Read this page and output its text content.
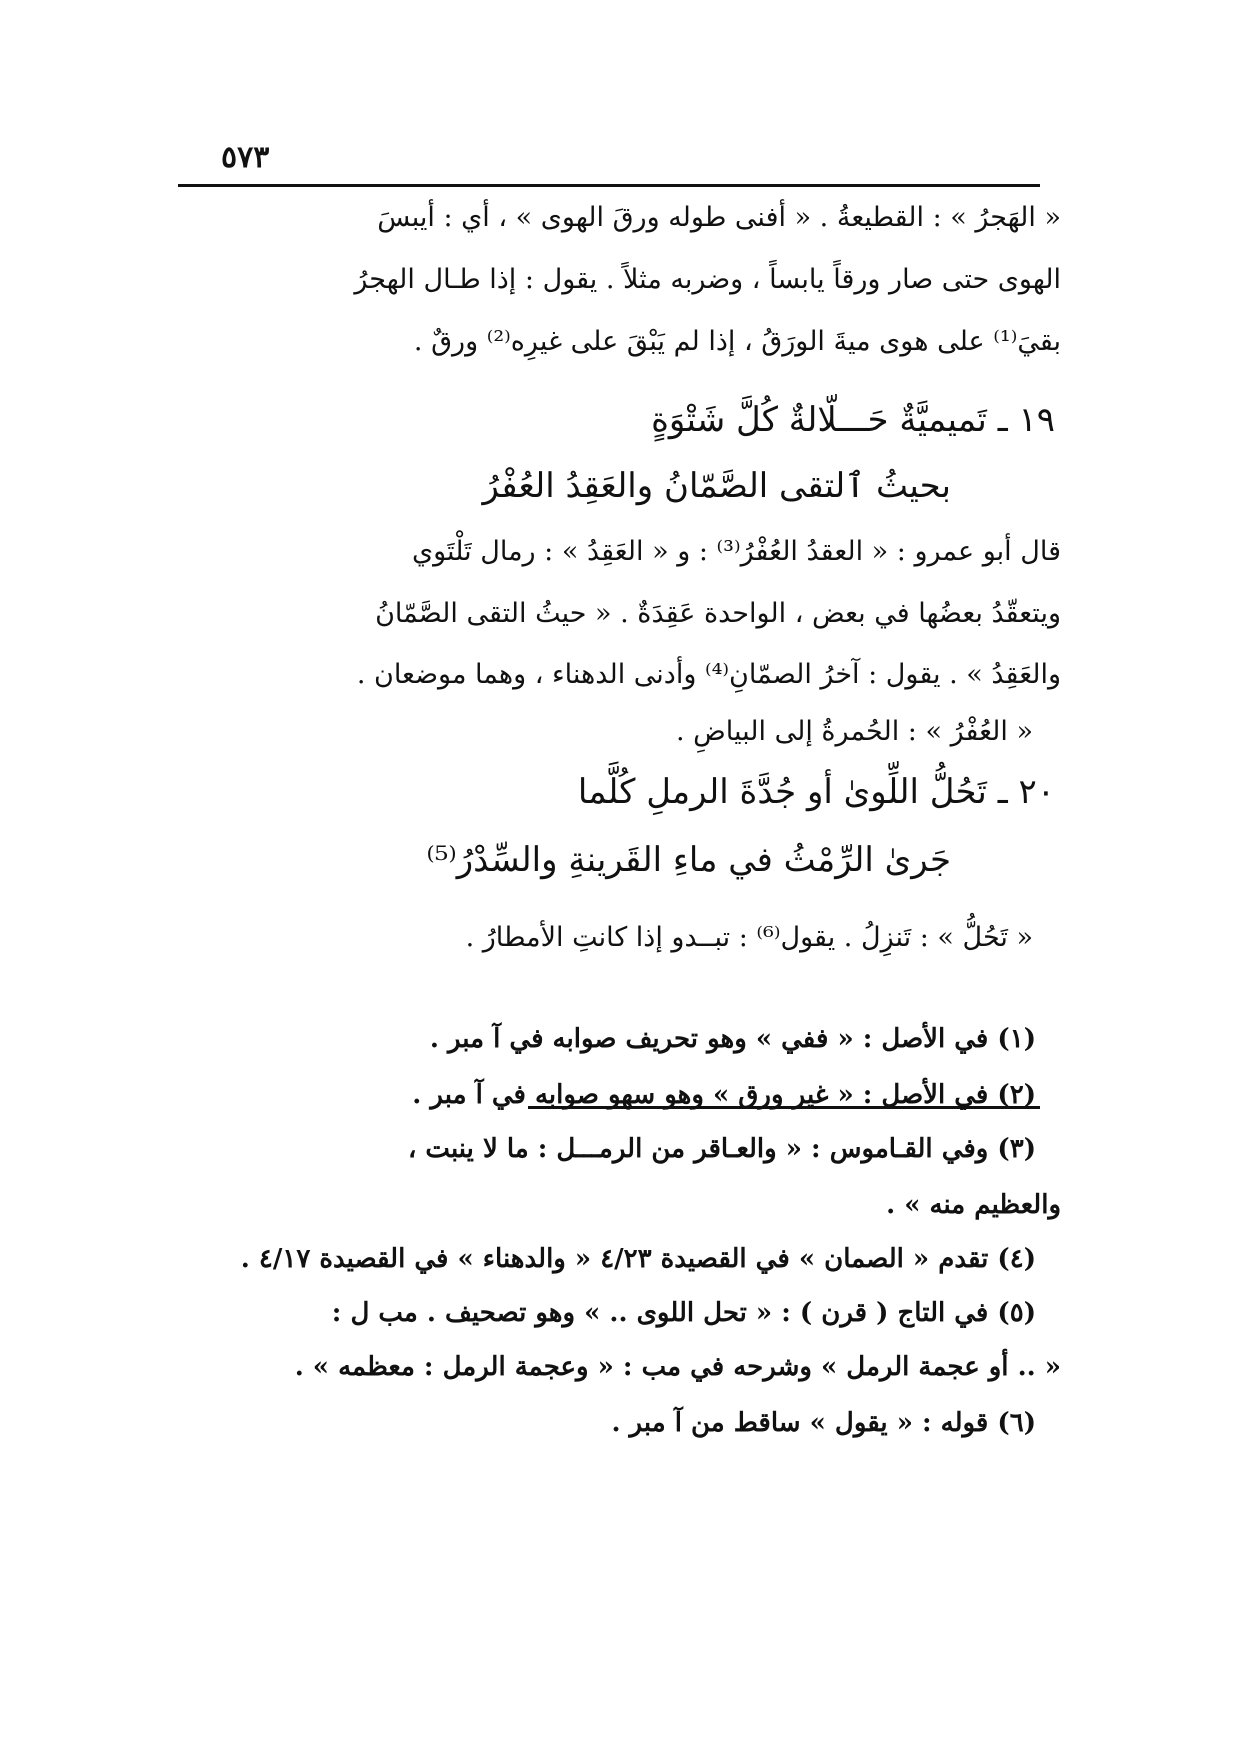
٥٧٣
« الهَجرُ » : القطيعةُ . « أفنى طوله ورقَ الهوى » ، أي : أيبسَ
الهوى حتى صار ورقاً يابساً ، وضربه مثلاً . يقول : إذا طـال الهجرُ
بقيَ⁽¹⁾ على هوى ميةَ الورَقُ ، إذا لم يَبْقَ على غيرِه⁽²⁾ ورقٌ .
١٩ ـ تَميميَّةٌ حَـــلّالةٌ كُلَّ شَتْوَةٍ
بحيثُ ٱلتقى الصَّمّانُ والعَقِدُ العُفْرُ
قال أبو عمرو : « العقدُ العُفْرُ⁽³⁾ : و « العَقِدُ » : رمال تَلْتَوي
ويتعقّدُ بعضُها في بعض ، الواحدة عَقِدَةٌ . « حيثُ التقى الصَّمّانُ
والعَقِدُ » . يقول : آخرُ الصمّانِ⁽⁴⁾ وأدنى الدهناء ، وهما موضعان .
« العُفْرُ » : الحُمرةُ إلى البياضِ .
٢٠ ـ تَحُلُّ اللِّوىٰ أو جُدَّةَ الرملِ كُلَّما
جَرىٰ الرِّمْثُ في ماءِ القَرينةِ والسِّدْرُ⁽⁵⁾
« تَحُلُّ » : تَنزِلُ . يقول⁽⁶⁾ : تبــدو إذا كانتِ الأمطارُ .
(١) في الأصل : « ففي » وهو تحريف صوابه في آ مبر .
(٢) في الأصل : « غير ورق » وهو سهو صوابه في آ مبر .
(٣) وفي القـاموس : « والعـاقر من الرمـــل : ما لا ينبت ،
والعظيم منه » .
(٤) تقدم « الصمان » في القصيدة ٤/٢٣ « والدهناء » في القصيدة ٤/١٧ .
(٥) في التاج ( قرن ) : « تحل اللوى .. » وهو تصحيف . مب ل :
« .. أو عجمة الرمل » وشرحه في مب : « وعجمة الرمل : معظمه » .
(٦) قوله : « يقول » ساقط من آ مبر .
